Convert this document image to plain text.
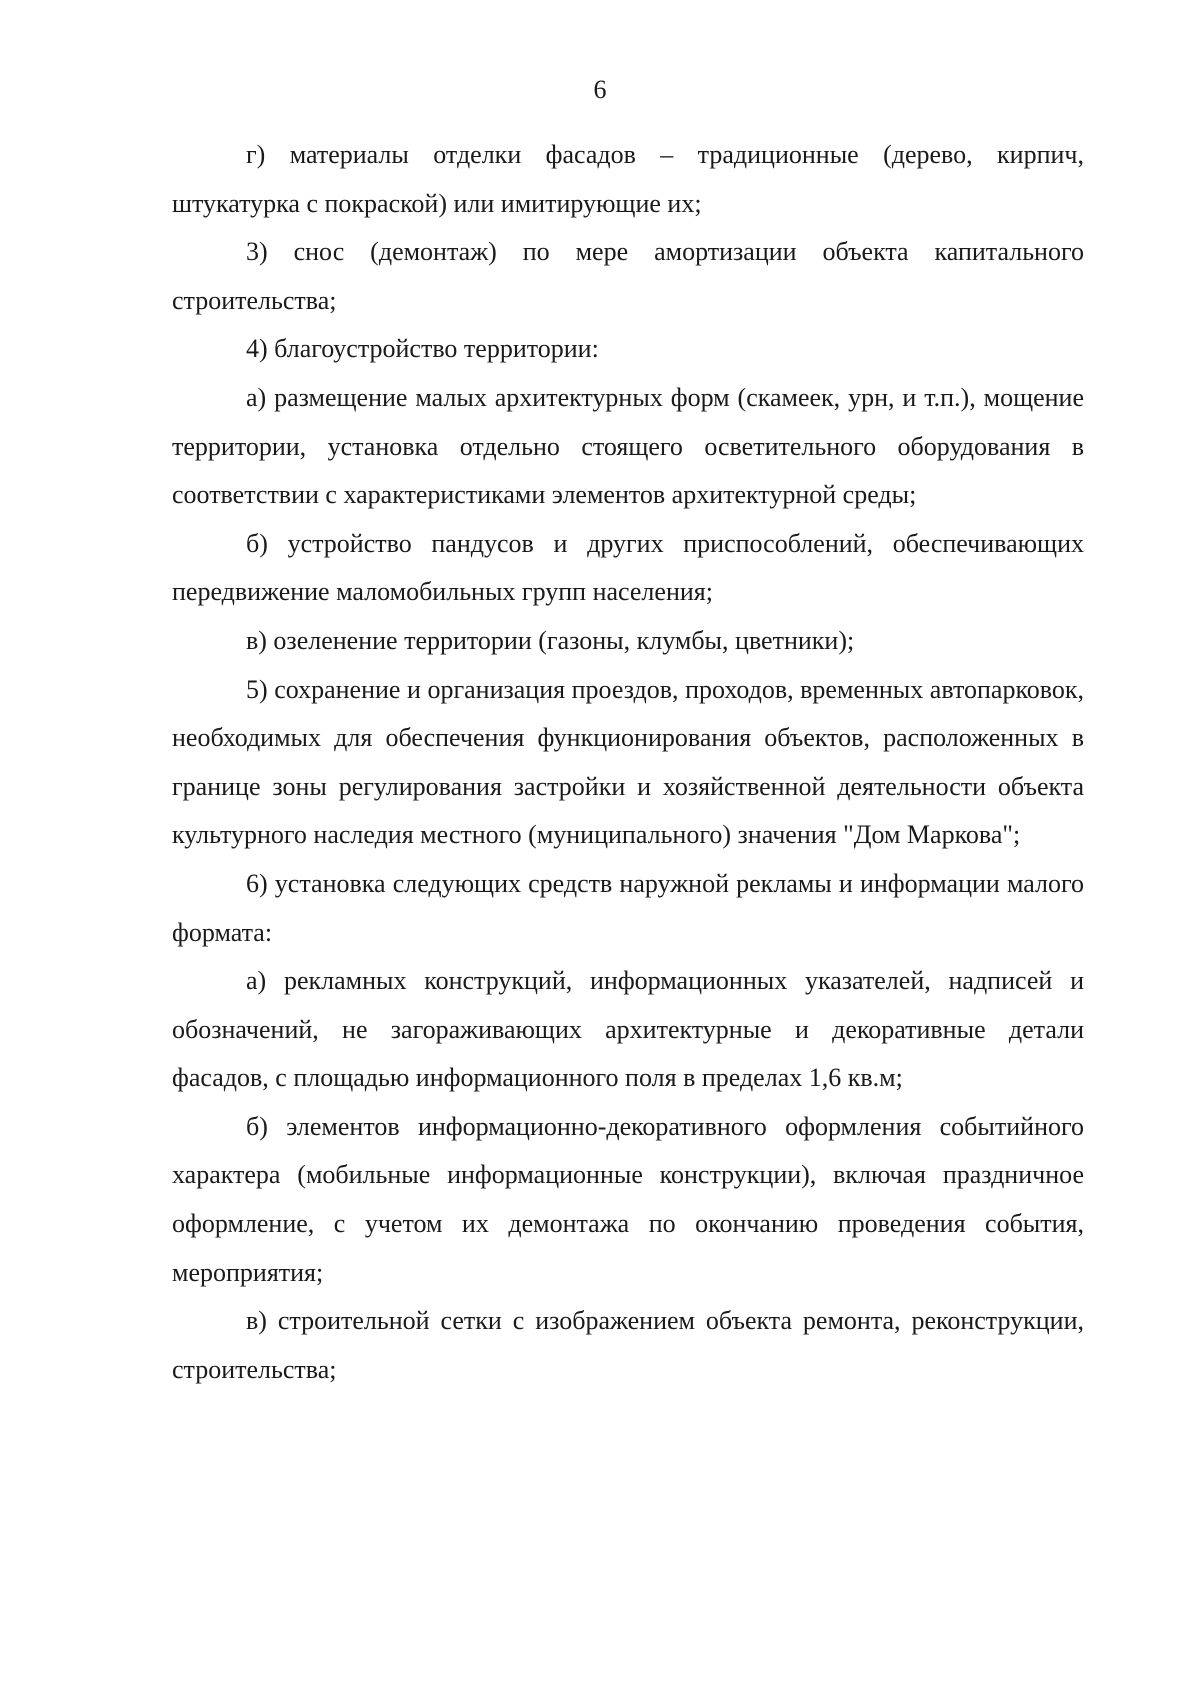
6

г) материалы отделки фасадов – традиционные (дерево, кирпич, штукатурка с покраской) или имитирующие их;

3) снос (демонтаж) по мере амортизации объекта капитального строительства;

4) благоустройство территории:

а) размещение малых архитектурных форм (скамеек, урн, и т.п.), мощение территории, установка отдельно стоящего осветительного оборудования в соответствии с характеристиками элементов архитектурной среды;

б) устройство пандусов и других приспособлений, обеспечивающих передвижение маломобильных групп населения;

в) озеленение территории (газоны, клумбы, цветники);

5) сохранение и организация проездов, проходов, временных автопарковок, необходимых для обеспечения функционирования объектов, расположенных в границе зоны регулирования застройки и хозяйственной деятельности объекта культурного наследия местного (муниципального) значения "Дом Маркова";

6) установка следующих средств наружной рекламы и информации малого формата:

а) рекламных конструкций, информационных указателей, надписей и обозначений, не загораживающих архитектурные и декоративные детали фасадов, с площадью информационного поля в пределах 1,6 кв.м;

б) элементов информационно-декоративного оформления событийного характера (мобильные информационные конструкции), включая праздничное оформление, с учетом их демонтажа по окончанию проведения события, мероприятия;

в) строительной сетки с изображением объекта ремонта, реконструкции, строительства;
